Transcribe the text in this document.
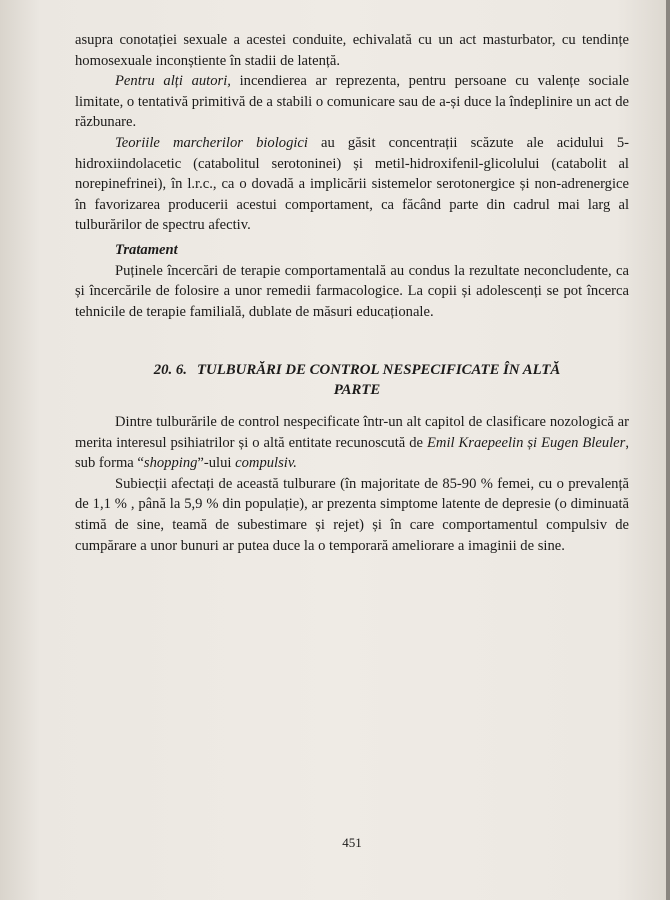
asupra conotației sexuale a acestei conduite, echivalată cu un act masturbator, cu tendințe homosexuale inconștiente în stadii de latență.

Pentru alți autori, incendierea ar reprezenta, pentru persoane cu valențe sociale limitate, o tentativă primitivă de a stabili o comunicare sau de a-și duce la îndeplinire un act de răzbunare.

Teoriile marcherilor biologici au găsit concentrații scăzute ale acidului 5-hidroxiindolacetic (catabolitul serotoninei) și metil-hidroxifenil-glicolului (catabolit al norepinefrinei), în l.r.c., ca o dovadă a implicării sistemelor serotonergice și non-adrenergice în favorizarea producerii acestui comportament, ca făcând parte din cadrul mai larg al tulburărilor de spectru afectiv.

Tratament

Puținele încercări de terapie comportamentală au condus la rezultate neconcludente, ca și încercările de folosire a unor remedii farmacologice. La copii și adolescenți se pot încerca tehnicile de terapie familială, dublate de măsuri educaționale.

20. 6. TULBURĂRI DE CONTROL NESPECIFICATE ÎN ALTĂ
PARTE

Dintre tulburările de control nespecificate într-un alt capitol de clasificare nozologică ar merita interesul psihiatrilor și o altă entitate recunoscută de Emil Kraepeelin și Eugen Bleuler, sub forma “shopping”-ului compulsiv.

Subiecții afectați de această tulburare (în majoritate de 85-90 % femei, cu o prevalență de 1,1 % , până la 5,9 % din populație), ar prezenta simptome latente de depresie (o diminuată stimă de sine, teamă de subestimare și rejet) și în care comportamentul compulsiv de cumpărare a unor bunuri ar putea duce la o temporară ameliorare a imaginii de sine.

451
